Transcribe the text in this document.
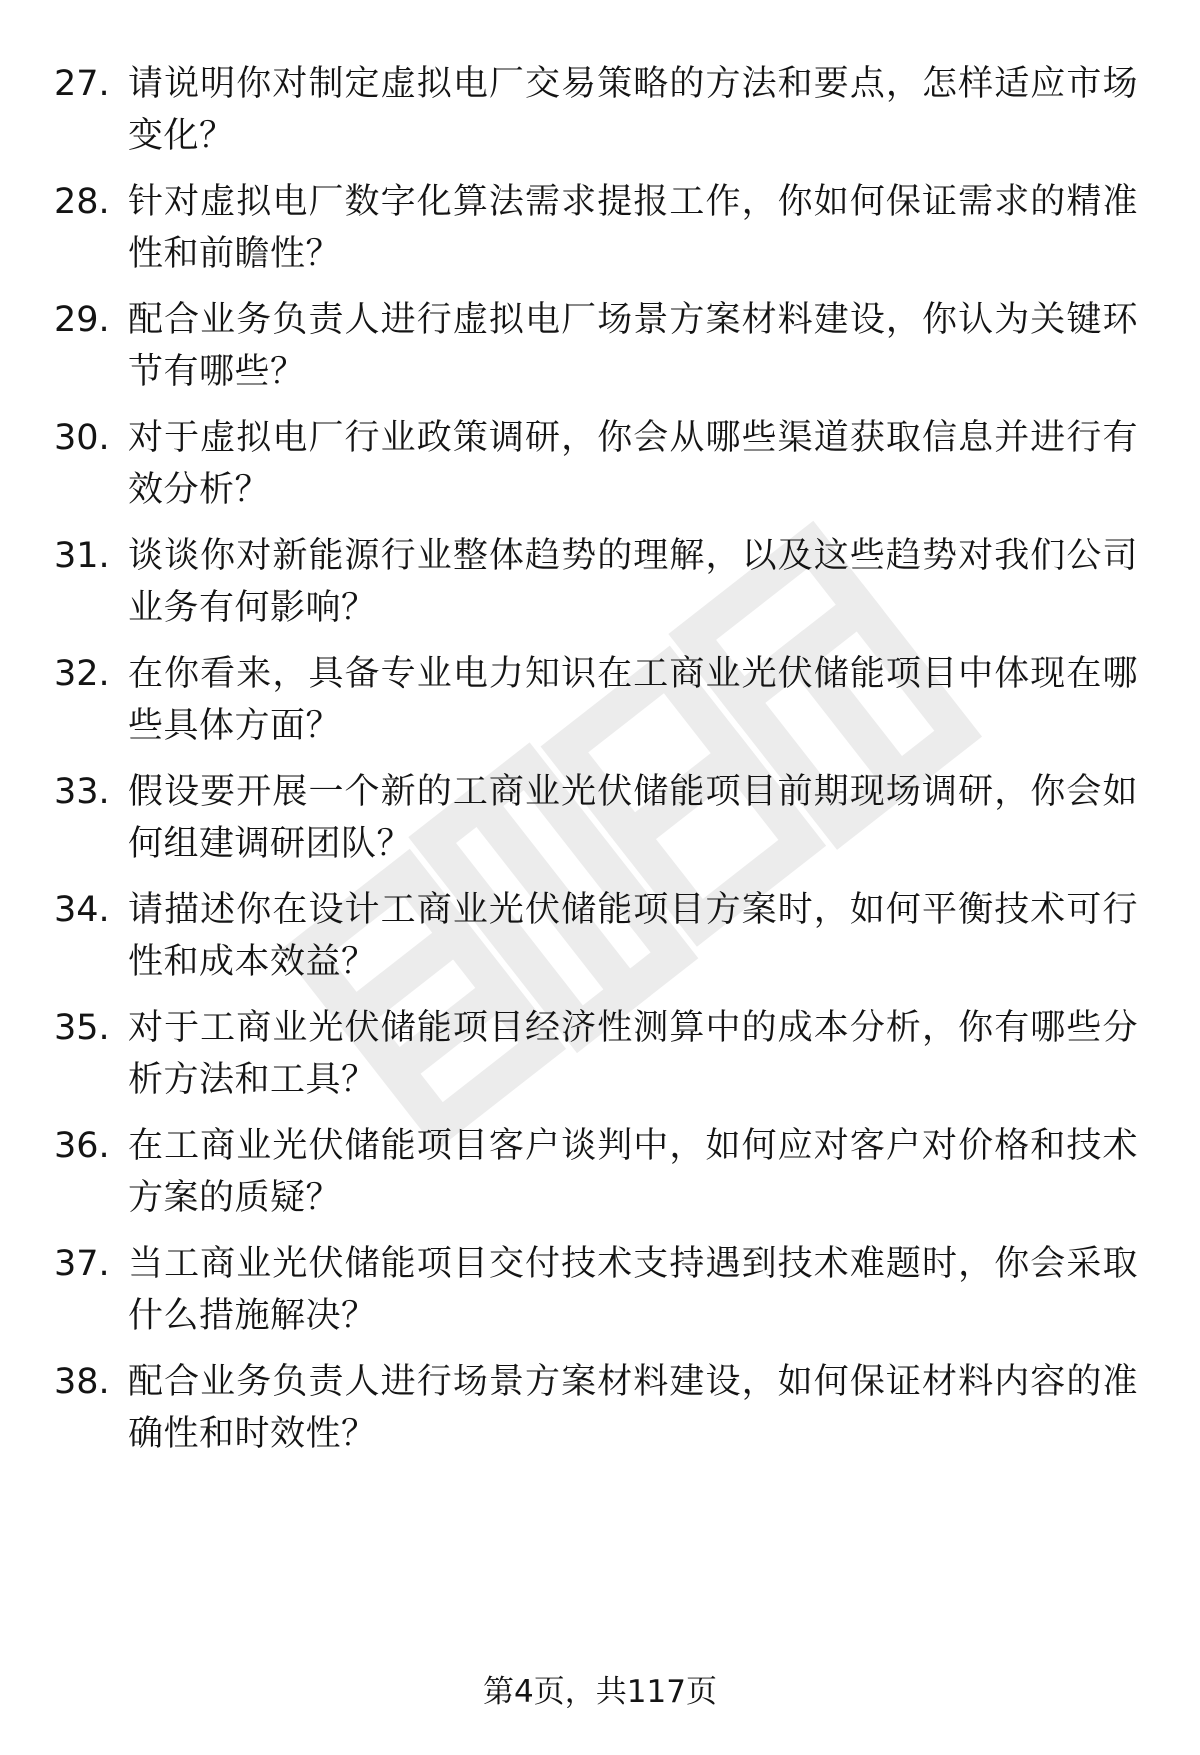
27. 请说明你对制定虚拟电厂交易策略的方法和要点，怎样适应市场变化？
28. 针对虚拟电厂数字化算法需求提报工作，你如何保证需求的精准性和前瞻性？
29. 配合业务负责人进行虚拟电厂场景方案材料建设，你认为关键环节有哪些？
30. 对于虚拟电厂行业政策调研，你会从哪些渠道获取信息并进行有效分析？
31. 谈谈你对新能源行业整体趋势的理解，以及这些趋势对我们公司业务有何影响？
32. 在你看来，具备专业电力知识在工商业光伏储能项目中体现在哪些具体方面？
33. 假设要开展一个新的工商业光伏储能项目前期现场调研，你会如何组建调研团队？
34. 请描述你在设计工商业光伏储能项目方案时，如何平衡技术可行性和成本效益？
35. 对于工商业光伏储能项目经济性测算中的成本分析，你有哪些分析方法和工具？
36. 在工商业光伏储能项目客户谈判中，如何应对客户对价格和技术方案的质疑？
37. 当工商业光伏储能项目交付技术支持遇到技术难题时，你会采取什么措施解决？
38. 配合业务负责人进行场景方案材料建设，如何保证材料内容的准确性和时效性？
第4页，共117页
